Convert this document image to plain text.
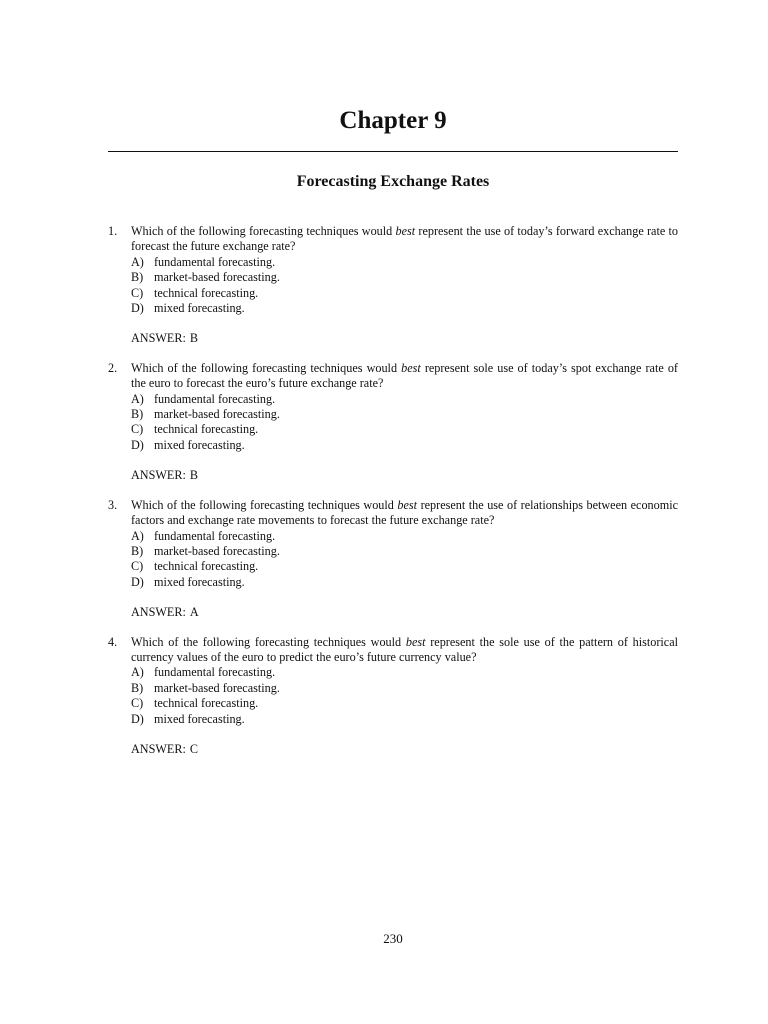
Chapter 9
Forecasting Exchange Rates
1. Which of the following forecasting techniques would best represent the use of today’s forward exchange rate to forecast the future exchange rate?
A) fundamental forecasting.
B) market-based forecasting.
C) technical forecasting.
D) mixed forecasting.
ANSWER: B
2. Which of the following forecasting techniques would best represent sole use of today’s spot exchange rate of the euro to forecast the euro’s future exchange rate?
A) fundamental forecasting.
B) market-based forecasting.
C) technical forecasting.
D) mixed forecasting.
ANSWER: B
3. Which of the following forecasting techniques would best represent the use of relationships between economic factors and exchange rate movements to forecast the future exchange rate?
A) fundamental forecasting.
B) market-based forecasting.
C) technical forecasting.
D) mixed forecasting.
ANSWER: A
4. Which of the following forecasting techniques would best represent the sole use of the pattern of historical currency values of the euro to predict the euro’s future currency value?
A) fundamental forecasting.
B) market-based forecasting.
C) technical forecasting.
D) mixed forecasting.
ANSWER: C
230
